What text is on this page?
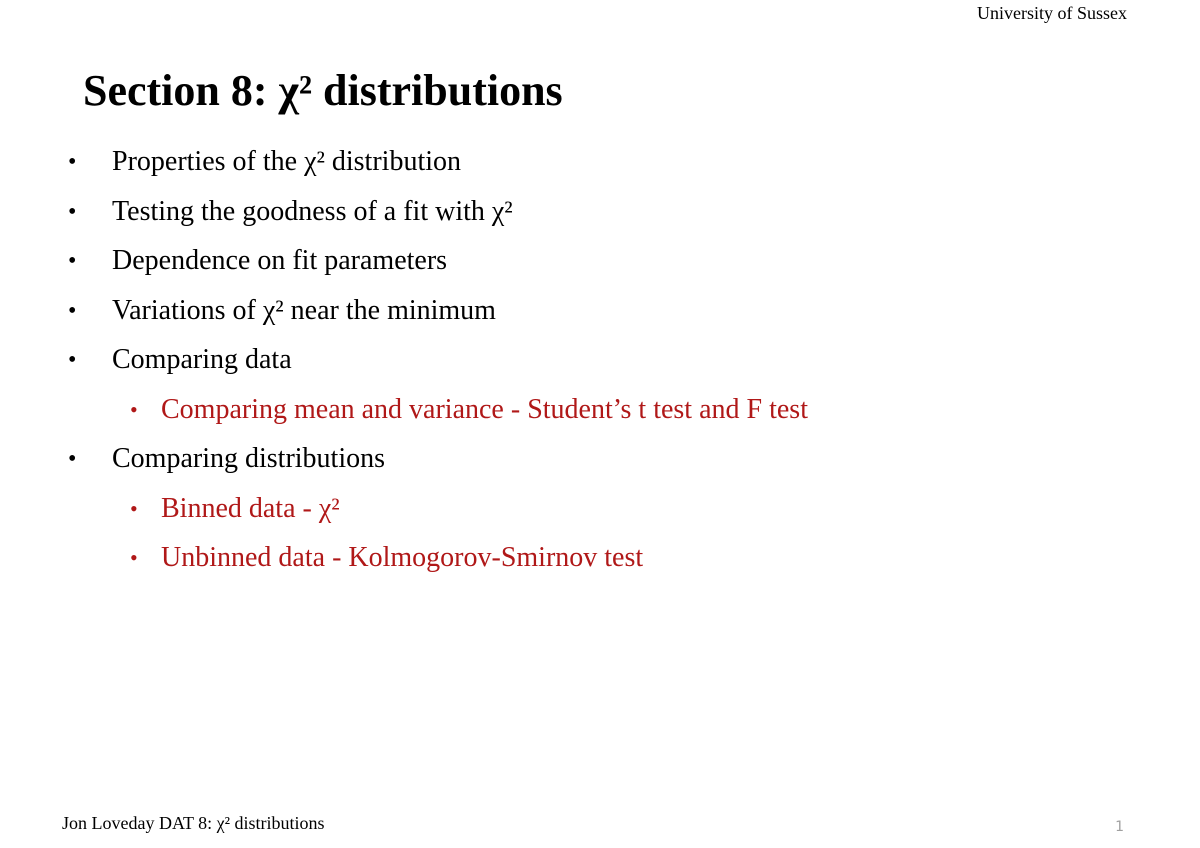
University of Sussex
Section 8: χ² distributions
• Properties of the χ² distribution
• Testing the goodness of a fit with χ²
• Dependence on fit parameters
• Variations of χ² near the minimum
• Comparing data
• Comparing mean and variance - Student’s t test and F test
• Comparing distributions
• Binned data - χ²
• Unbinned data - Kolmogorov-Smirnov test
Jon Loveday DAT 8: χ² distributions	1
